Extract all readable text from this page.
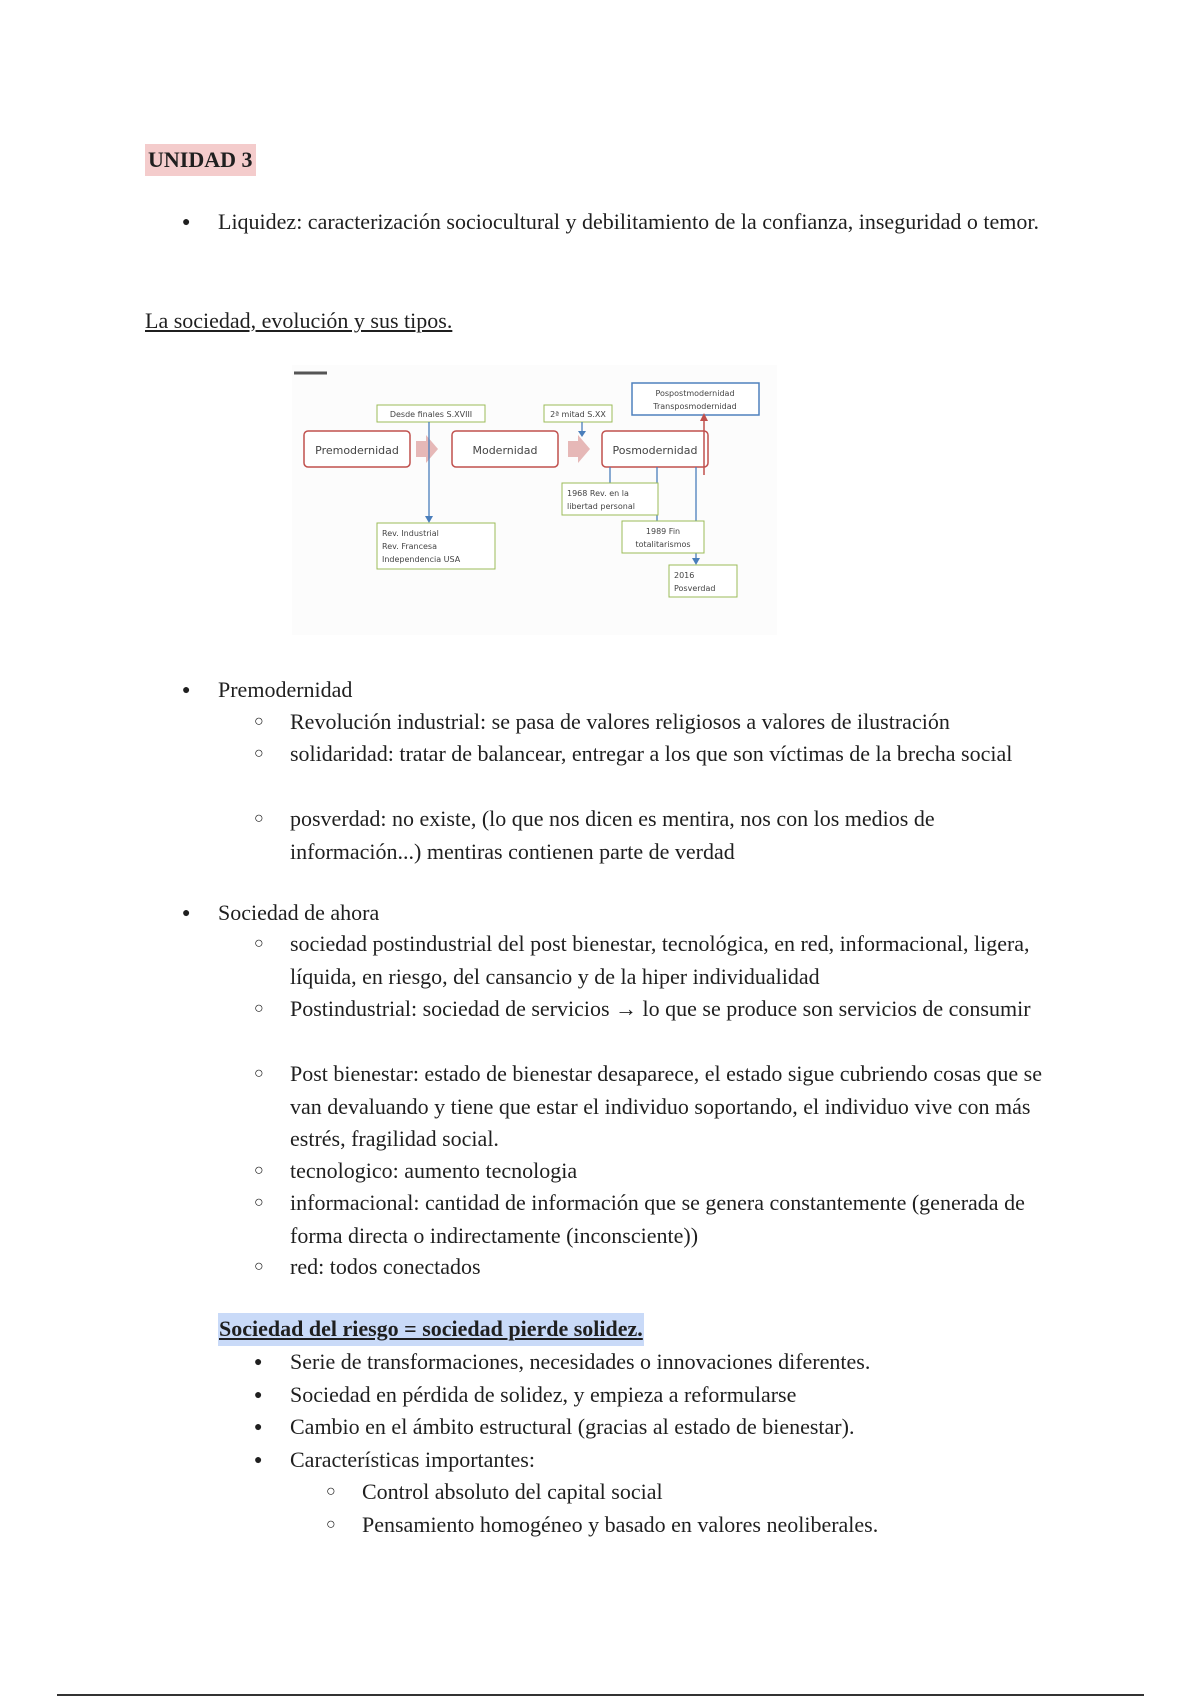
UNIDAD 3
●
Liquidez: caracterización sociocultural y debilitamiento de la confianza, inseguridad o temor.
La sociedad, evolución y sus tipos.
Premodernidad	Modernidad	Posmodernidad
Desde finales S.XVIII	2ª mitad S.XX
Pospostmodernidad
Transposmodernidad
1968 Rev. en la
libertad personal
Rev. Industrial
Rev. Francesa
Independencia USA
1989 Fin
totalitarismos
2016
Posverdad
●
Premodernidad
○
Revolución industrial: se pasa de valores religiosos a valores de ilustración
○
solidaridad: tratar de balancear, entregar a los que son víctimas de la brecha social
○
posverdad: no existe, (lo que nos dicen es mentira, nos con los medios de información...) mentiras contienen parte de verdad
●
Sociedad de ahora
○
sociedad postindustrial del post bienestar, tecnológica, en red, informacional, ligera, líquida, en riesgo, del cansancio y de la hiper individualidad
○
Postindustrial: sociedad de servicios → lo que se produce son servicios de consumir
○
Post bienestar: estado de bienestar desaparece, el estado sigue cubriendo cosas que se van devaluando y tiene que estar el individuo soportando, el individuo vive con más estrés, fragilidad social.
○
tecnologico: aumento tecnologia
○
informacional: cantidad de información que se genera constantemente (generada de forma directa o indirectamente (inconsciente))
○
red: todos conectados
Sociedad del riesgo = sociedad pierde solidez.
●
Serie de transformaciones, necesidades o innovaciones diferentes.
●
Sociedad en pérdida de solidez, y empieza a reformularse
●
Cambio en el ámbito estructural (gracias al estado de bienestar).
●
Características importantes:
○
Control absoluto del capital social
○
Pensamiento homogéneo y basado en valores neoliberales.
